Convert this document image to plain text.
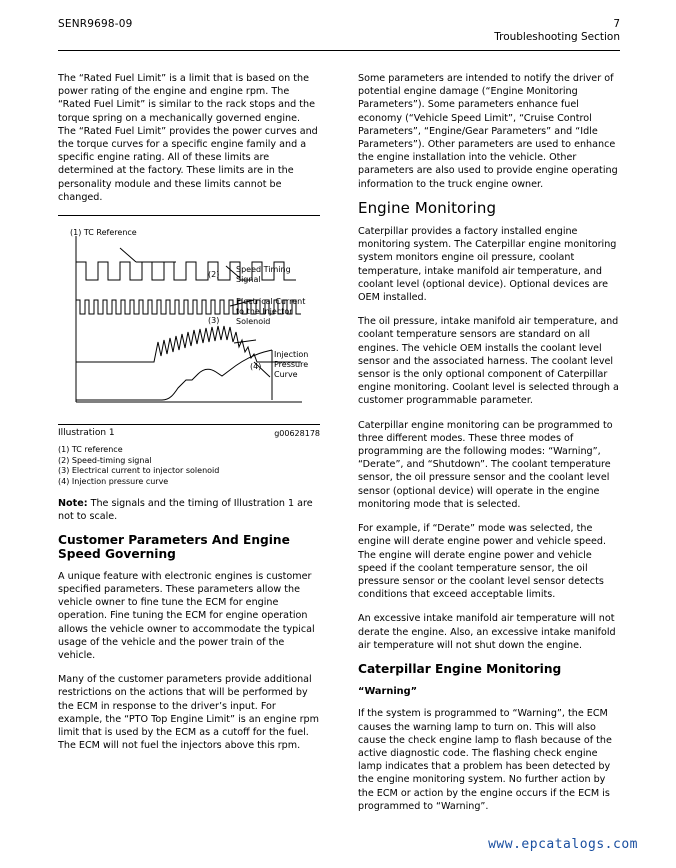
SENR9698-09	7
Troubleshooting Section

The “Rated Fuel Limit” is a limit that is based on the power rating of the engine and engine rpm. The “Rated Fuel Limit” is similar to the rack stops and the torque spring on a mechanically governed engine. The “Rated Fuel Limit” provides the power curves and the torque curves for a specific engine family and a specific engine rating. All of these limits are determined at the factory. These limits are in the personality module and these limits cannot be changed.

(1) TC Reference
(2)
Speed Timing
Signal
(3)
Electrical Current
to the Injector
Solenoid
(4)
Injection
Pressure
Curve
Illustration 1	g00628178
(1) TC reference
(2) Speed-timing signal
(3) Electrical current to injector solenoid
(4) Injection pressure curve

Note: The signals and the timing of Illustration 1 are not to scale.

Customer Parameters And Engine Speed Governing

A unique feature with electronic engines is customer specified parameters. These parameters allow the vehicle owner to fine tune the ECM for engine operation. Fine tuning the ECM for engine operation allows the vehicle owner to accommodate the typical usage of the vehicle and the power train of the vehicle.

Many of the customer parameters provide additional restrictions on the actions that will be performed by the ECM in response to the driver’s input. For example, the “PTO Top Engine Limit” is an engine rpm limit that is used by the ECM as a cutoff for the fuel. The ECM will not fuel the injectors above this rpm.

Some parameters are intended to notify the driver of potential engine damage (“Engine Monitoring Parameters”). Some parameters enhance fuel economy (“Vehicle Speed Limit”, “Cruise Control Parameters”, “Engine/Gear Parameters” and “Idle Parameters”). Other parameters are used to enhance the engine installation into the vehicle. Other parameters are also used to provide engine operating information to the truck engine owner.

Engine Monitoring

Caterpillar provides a factory installed engine monitoring system. The Caterpillar engine monitoring system monitors engine oil pressure, coolant temperature, intake manifold air temperature, and coolant level (optional device). Optional devices are OEM installed.

The oil pressure, intake manifold air temperature, and coolant temperature sensors are standard on all engines. The vehicle OEM installs the coolant level sensor and the associated harness. The coolant level sensor is the only optional component of Caterpillar engine monitoring. Coolant level is selected through a customer programmable parameter.

Caterpillar engine monitoring can be programmed to three different modes. These three modes of programming are the following modes: “Warning”, “Derate”, and “Shutdown”. The coolant temperature sensor, the oil pressure sensor and the coolant level sensor (optional device) will operate in the engine monitoring mode that is selected.

For example, if “Derate” mode was selected, the engine will derate engine power and vehicle speed. The engine will derate engine power and vehicle speed if the coolant temperature sensor, the oil pressure sensor or the coolant level sensor detects conditions that exceed acceptable limits.

An excessive intake manifold air temperature will not derate the engine. Also, an excessive intake manifold air temperature will not shut down the engine.

Caterpillar Engine Monitoring
“Warning”

If the system is programmed to “Warning”, the ECM causes the warning lamp to turn on. This will also cause the check engine lamp to flash because of the active diagnostic code. The flashing check engine lamp indicates that a problem has been detected by the engine monitoring system. No further action by the ECM or action by the engine occurs if the ECM is programmed to “Warning”.

www.epcatalogs.com
